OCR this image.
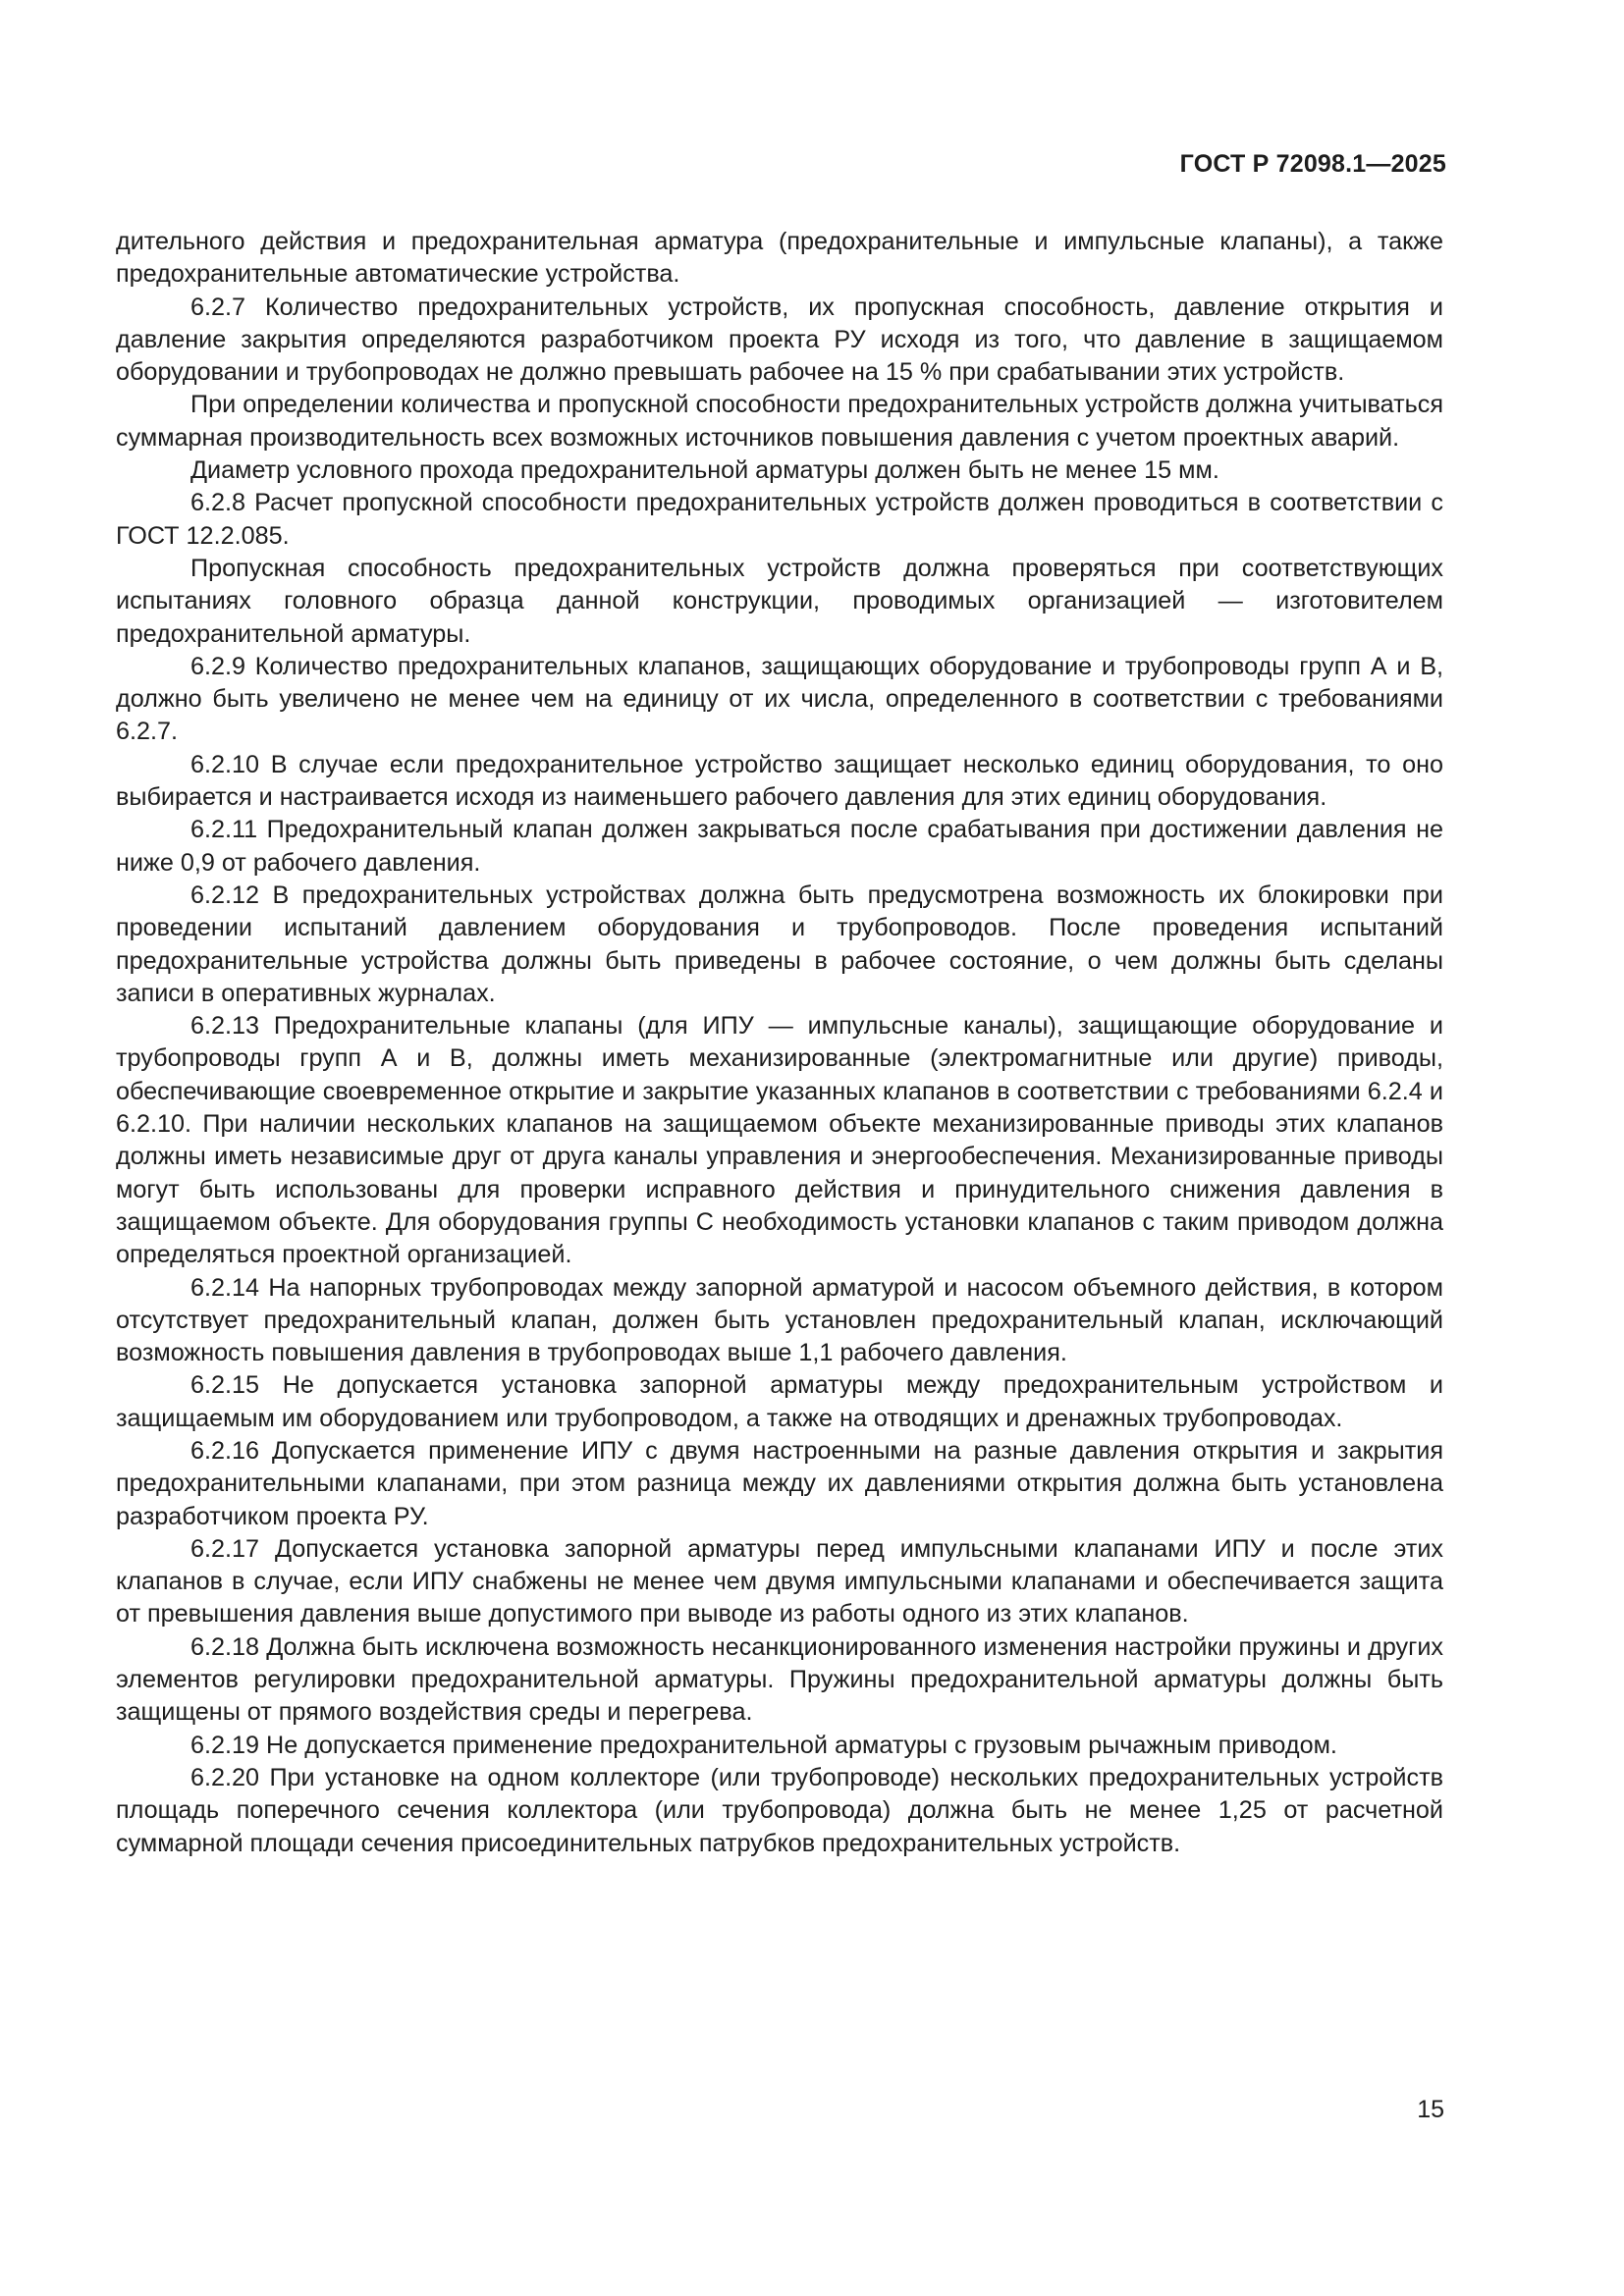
ГОСТ Р 72098.1—2025

дительного действия и предохранительная арматура (предохранительные и импульсные клапаны), а также предохранительные автоматические устройства.

6.2.7 Количество предохранительных устройств, их пропускная способность, давление открытия и давление закрытия определяются разработчиком проекта РУ исходя из того, что давление в защищаемом оборудовании и трубопроводах не должно превышать рабочее на 15 % при срабатывании этих устройств.

При определении количества и пропускной способности предохранительных устройств должна учитываться суммарная производительность всех возможных источников повышения давления с учетом проектных аварий.

Диаметр условного прохода предохранительной арматуры должен быть не менее 15 мм.

6.2.8 Расчет пропускной способности предохранительных устройств должен проводиться в соответствии с ГОСТ 12.2.085.

Пропускная способность предохранительных устройств должна проверяться при соответствующих испытаниях головного образца данной конструкции, проводимых организацией — изготовителем предохранительной арматуры.

6.2.9 Количество предохранительных клапанов, защищающих оборудование и трубопроводы групп А и В, должно быть увеличено не менее чем на единицу от их числа, определенного в соответствии с требованиями 6.2.7.

6.2.10 В случае если предохранительное устройство защищает несколько единиц оборудования, то оно выбирается и настраивается исходя из наименьшего рабочего давления для этих единиц оборудования.

6.2.11 Предохранительный клапан должен закрываться после срабатывания при достижении давления не ниже 0,9 от рабочего давления.

6.2.12 В предохранительных устройствах должна быть предусмотрена возможность их блокировки при проведении испытаний давлением оборудования и трубопроводов. После проведения испытаний предохранительные устройства должны быть приведены в рабочее состояние, о чем должны быть сделаны записи в оперативных журналах.

6.2.13 Предохранительные клапаны (для ИПУ — импульсные каналы), защищающие оборудование и трубопроводы групп А и В, должны иметь механизированные (электромагнитные или другие) приводы, обеспечивающие своевременное открытие и закрытие указанных клапанов в соответствии с требованиями 6.2.4 и 6.2.10. При наличии нескольких клапанов на защищаемом объекте механизированные приводы этих клапанов должны иметь независимые друг от друга каналы управления и энергообеспечения. Механизированные приводы могут быть использованы для проверки исправного действия и принудительного снижения давления в защищаемом объекте. Для оборудования группы С необходимость установки клапанов с таким приводом должна определяться проектной организацией.

6.2.14 На напорных трубопроводах между запорной арматурой и насосом объемного действия, в котором отсутствует предохранительный клапан, должен быть установлен предохранительный клапан, исключающий возможность повышения давления в трубопроводах выше 1,1 рабочего давления.

6.2.15 Не допускается установка запорной арматуры между предохранительным устройством и защищаемым им оборудованием или трубопроводом, а также на отводящих и дренажных трубопроводах.

6.2.16 Допускается применение ИПУ с двумя настроенными на разные давления открытия и закрытия предохранительными клапанами, при этом разница между их давлениями открытия должна быть установлена разработчиком проекта РУ.

6.2.17 Допускается установка запорной арматуры перед импульсными клапанами ИПУ и после этих клапанов в случае, если ИПУ снабжены не менее чем двумя импульсными клапанами и обеспечивается защита от превышения давления выше допустимого при выводе из работы одного из этих клапанов.

6.2.18 Должна быть исключена возможность несанкционированного изменения настройки пружины и других элементов регулировки предохранительной арматуры. Пружины предохранительной арматуры должны быть защищены от прямого воздействия среды и перегрева.

6.2.19 Не допускается применение предохранительной арматуры с грузовым рычажным приводом.

6.2.20 При установке на одном коллекторе (или трубопроводе) нескольких предохранительных устройств площадь поперечного сечения коллектора (или трубопровода) должна быть не менее 1,25 от расчетной суммарной площади сечения присоединительных патрубков предохранительных устройств.

15
